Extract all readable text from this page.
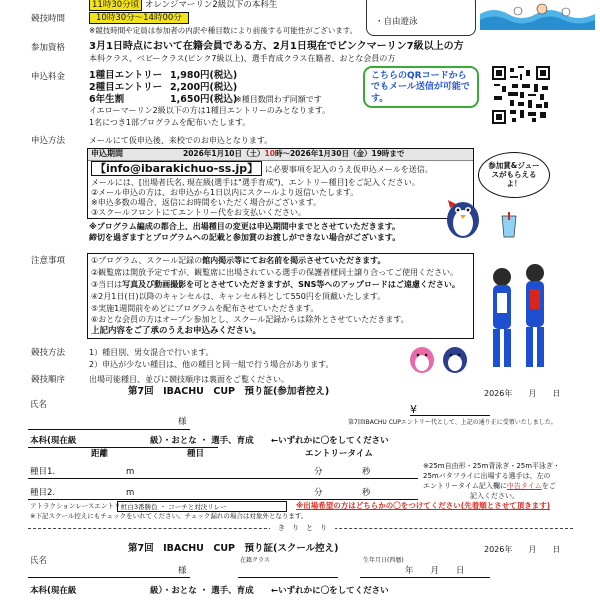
11時30分頃 オレンジマーリン2級以下の本科生
競技時間	10時30分～14時00分
※競技時間や定員は参加者の内訳や種目数により前後する可能性がございます。
・自由遊泳
参加資格 3月1日時点において在籍会員である方、2月1日現在でピンクマーリン7級以上の方
本科クラス、ベビークラス(ピンク7級以上)、選手育成クラス在籍者、おとな会員の方
申込料金	1種目エントリー 1,980円(税込)
2種目エントリー 2,200円(税込)
6年生割	1,650円(税込)
※種目数問わず同額です
イエローマーリン2級以下の方は1種目エントリーのみとなります。
1名につき1部プログラムを配布いたします。
こちらのQRコードからでもメール送信が可能です。
申込方法	メールにて仮申込後、来校でのお申込となります。
申込期間	2026年1月10日（土）10時～2026年1月30日（金）19時まで
【info@ibarakichuo-ss.jp】 に必要事項を記入のうえ仮申込メールを送信。
メールには、[出場者氏名, 現在級(選手は"選手育成")、エントリー種目]をご記入ください。
②メール申込の方は、お申込から1日以内にスクールより返信いたします。
※申込多数の場合、返信にお時間をいただく場合がございます。
③スクールフロントにてエントリー代をお支払いください。
※プログラム編成の都合上、出場種目の変更は申込期間中までとさせていただきます。
締切を過ぎますとプログラムへの記載と参加賞のお渡しができない場合がございます。
参加賞&ジュースがもらえるよ！
注意事項	①プログラム、スクール記録の館内掲示等にてお名前を掲示させていただきます。
②観覧席は開放予定ですが、観覧席に出場されている選手の保護者様同士譲り合ってご使用ください。
③当日は写真及び動画撮影を可とさせていただきますが、SNS等へのアップロードはご遠慮ください。
④2月1日(日)以降のキャンセルは、キャンセル料として550円を頂戴いたします。
⑤実施1週間前をめどにプログラムを配布させていただきます。
⑥おとな会員の方はオープン参加とし、スクール記録からは除外とさせていただきます。
上記内容をご了承のうえお申込みください。
競技方法	1）種目別、男女混合で行います。
2）申込が少ない種目は、他の種目と同一組で行う場合があります。
競技順序	出場可能種目、並びに競技順序は裏面をご覧ください。
第7回　IBACHU　CUP　預り証(参加者控え)	2026年　　月　　日
氏名
様
¥
第7回IBACHU CUPエントリー代として、上記の通り正に受領いたしました。
本科(現在級	級）・おとな ・ 選手、育成 ←いずれかに〇をしてください
距離	種目	エントリータイム
種目1.	m	分	秒
種目2.	m	分	秒
※25m自由形・25m背泳ぎ・25m平泳ぎ・
25mバタフライに出場する選手は、左の
エントリータイム記入欄に中告タイムをご
記入ください。
アトラクションレースエントリー
紅白3番勝負 ・ コーチと対決リレー	※出場希望の方はどちらかの〇をつけてください(先着順とさせて頂きます)
※下記スクール控えにもチェックをいれてください。チェック漏れの場合は対象外となります。
き　り　と　り
第7回　IBACHU　CUP　預り証(スクール控え)	2026年　　月　　日
氏名	在籍クラス	生年月日(西暦)
様	年　　月　　日
本科(現在級	級）・おとな ・ 選手、育成 ←いずれかに〇をしてください
